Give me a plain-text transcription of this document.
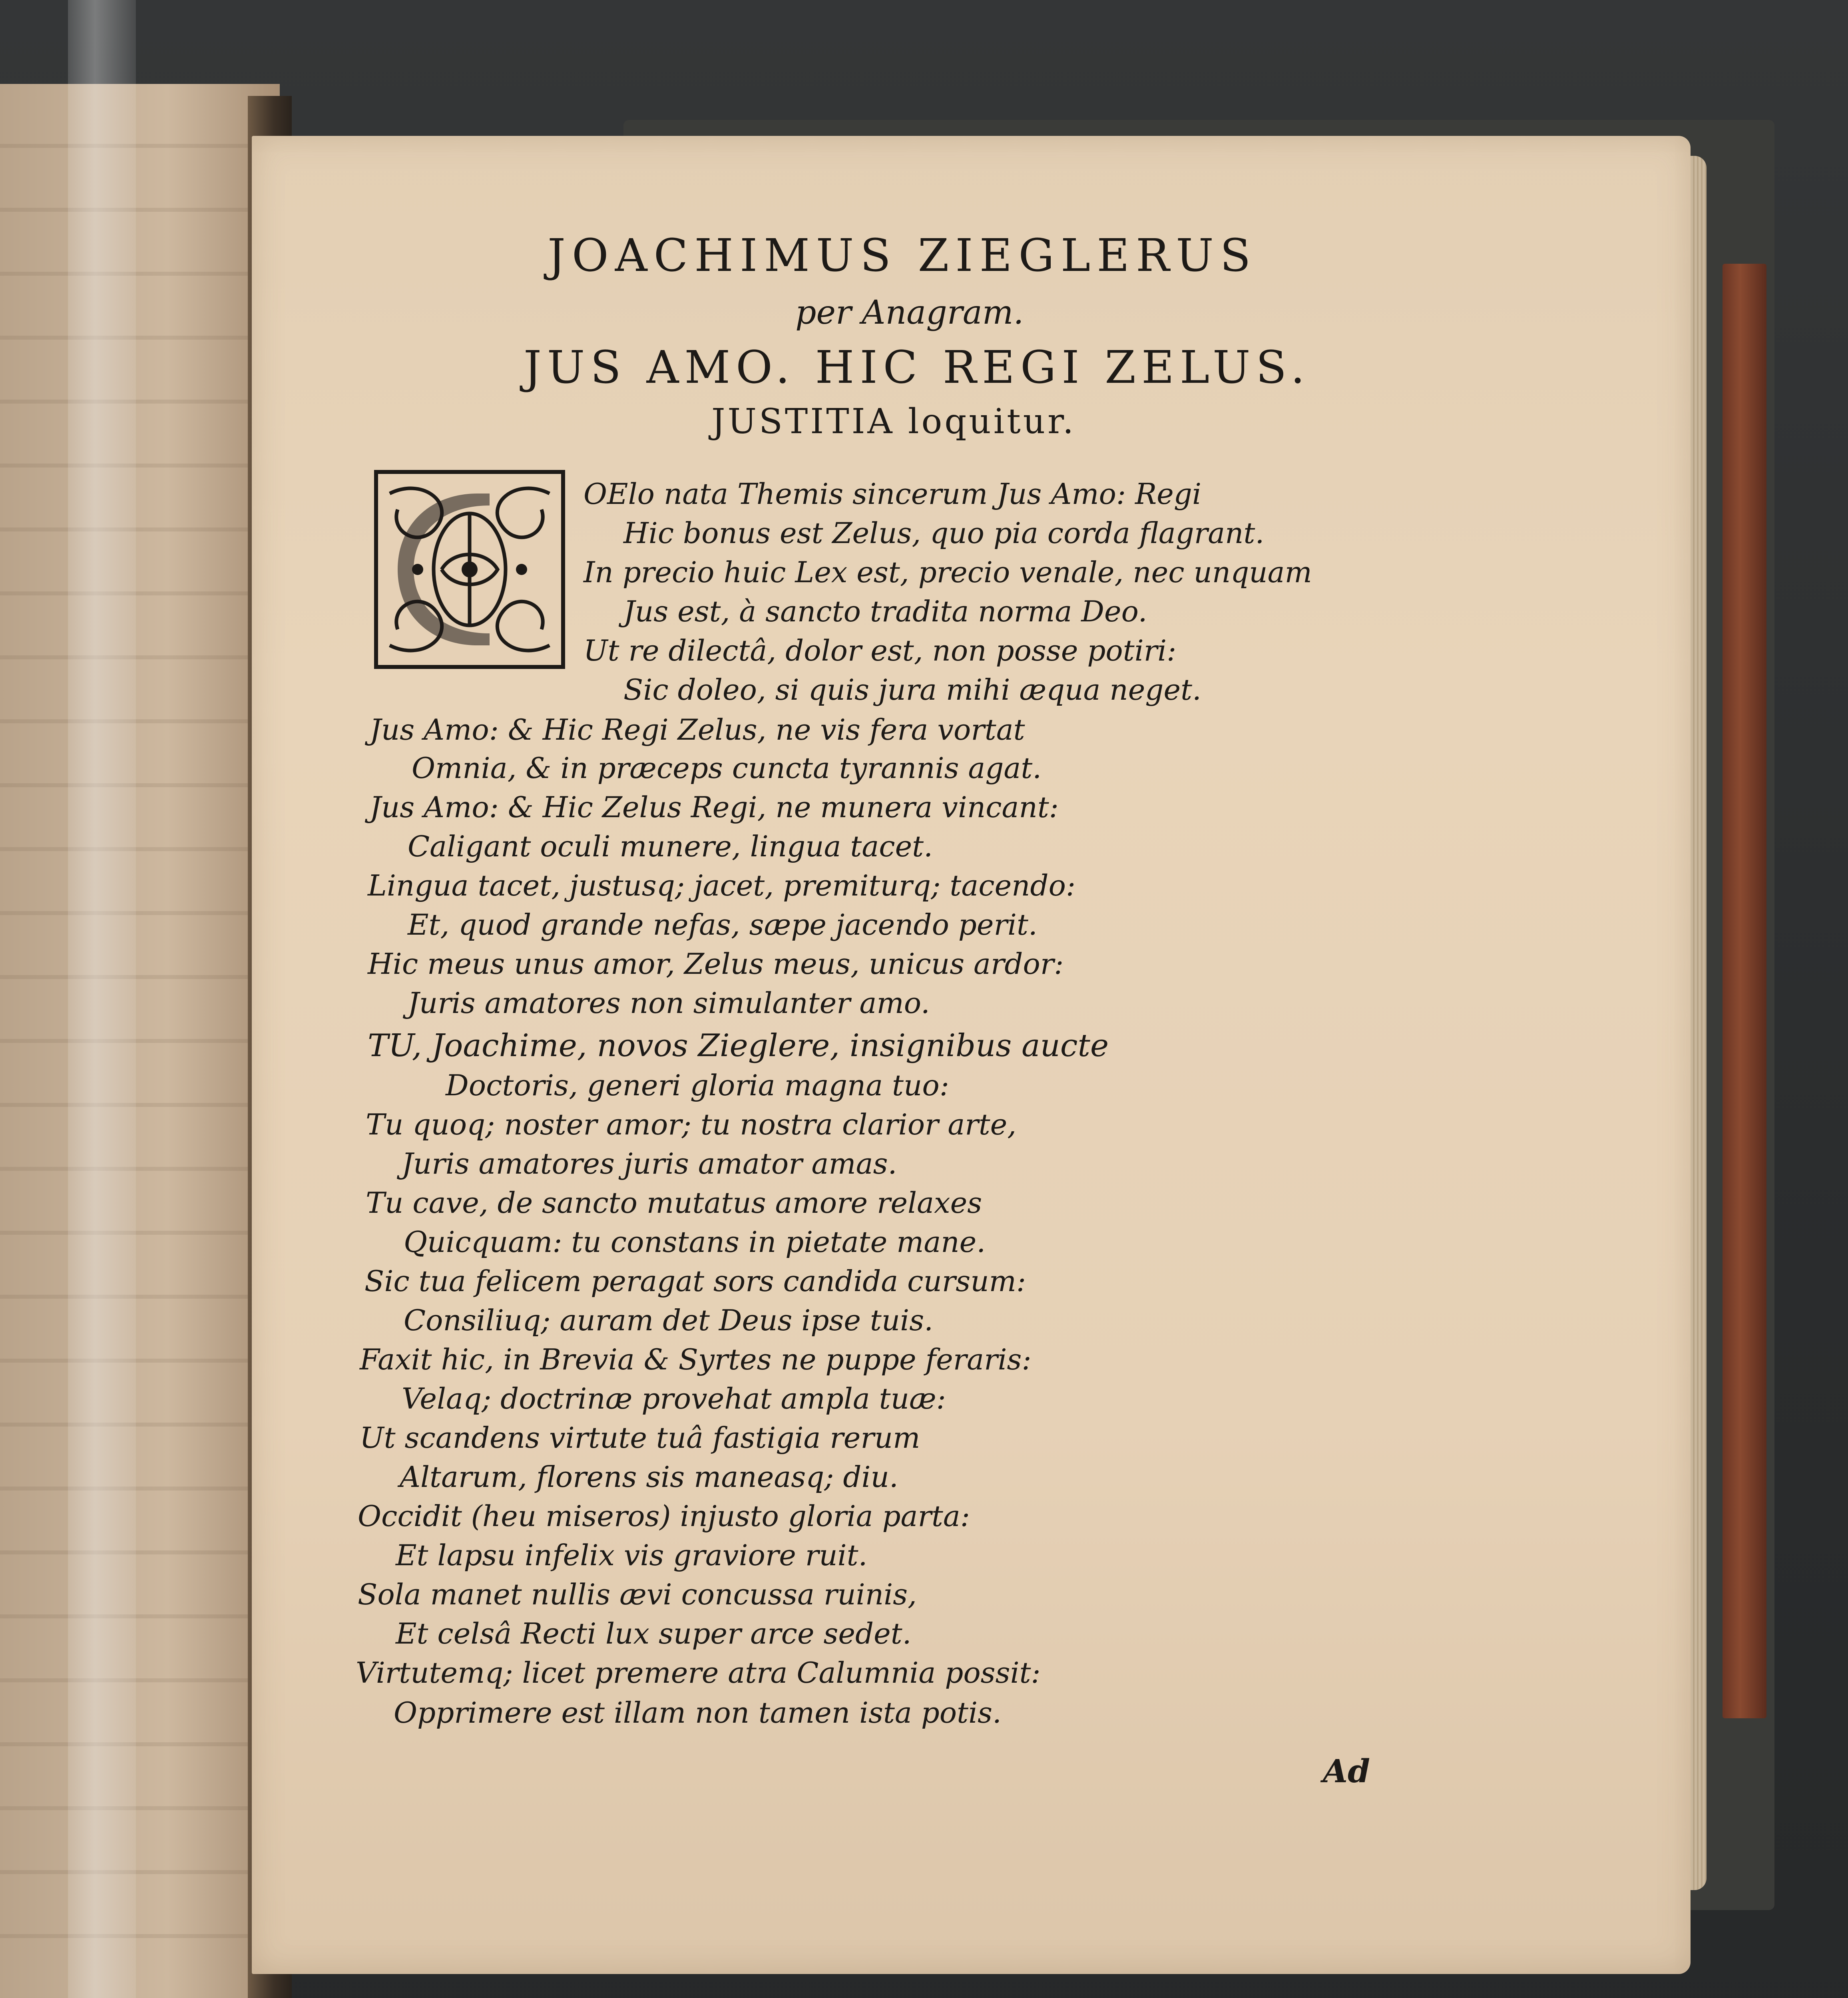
JOACHIMUS ZIEGLERUS
per Anagram.
JUS AMO. HIC REGI ZELUS.
JUSTITIA loquitur.
C
OElo nata Themis sincerum Jus Amo: Regi
Hic bonus est Zelus, quo pia corda flagrant.
In precio huic Lex est, precio venale, nec unquam
Jus est, à sancto tradita norma Deo.
Ut re dilectâ, dolor est, non posse potiri:
Sic doleo, si quis jura mihi æqua neget.
Jus Amo: & Hic Regi Zelus, ne vis fera vortat
Omnia, & in præceps cuncta tyrannis agat.
Jus Amo: & Hic Zelus Regi, ne munera vincant:
Caligant oculi munere, lingua tacet.
Lingua tacet, justusq; jacet, premiturq; tacendo:
Et, quod grande nefas, sæpe jacendo perit.
Hic meus unus amor, Zelus meus, unicus ardor:
Juris amatores non simulanter amo.
TU, Joachime, novos Zieglere, insignibus aucte
Doctoris, generi gloria magna tuo:
Tu quoq; noster amor; tu nostra clarior arte,
Juris amatores juris amator amas.
Tu cave, de sancto mutatus amore relaxes
Quicquam: tu constans in pietate mane.
Sic tua felicem peragat sors candida cursum:
Consiliuq; auram det Deus ipse tuis.
Faxit hic, in Brevia & Syrtes ne puppe feraris:
Velaq; doctrinæ provehat ampla tuæ:
Ut scandens virtute tuâ fastigia rerum
Altarum, florens sis maneasq; diu.
Occidit (heu miseros) injusto gloria parta:
Et lapsu infelix vis graviore ruit.
Sola manet nullis ævi concussa ruinis,
Et celsâ Recti lux super arce sedet.
Virtutemq; licet premere atra Calumnia possit:
Opprimere est illam non tamen ista potis.
Ad
